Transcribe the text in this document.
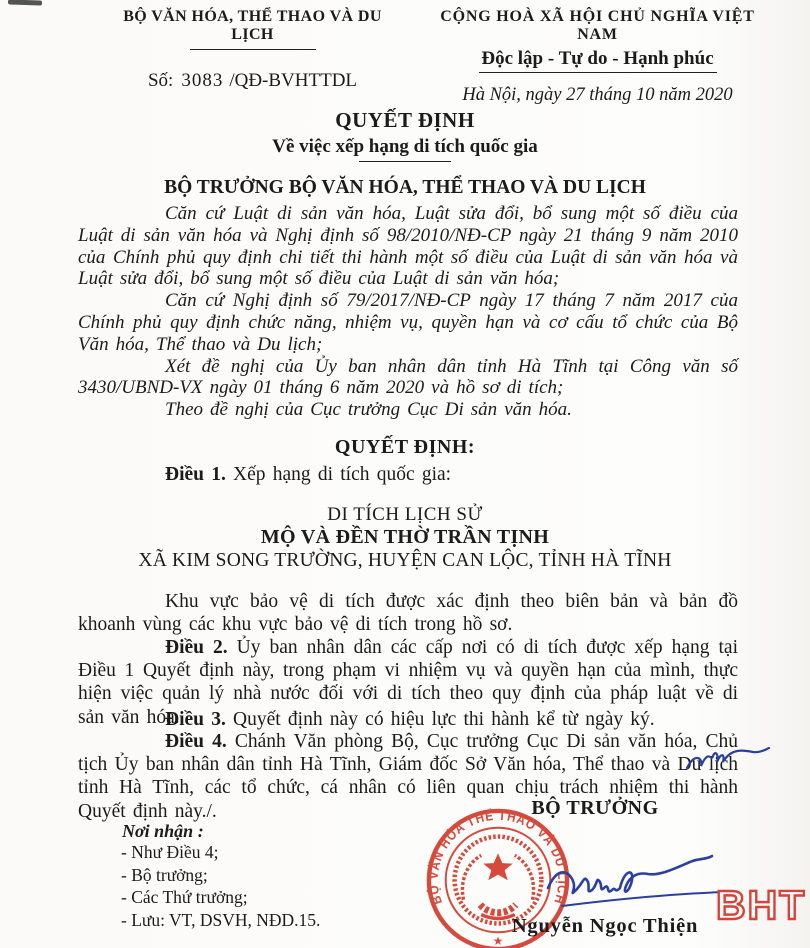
BỘ VĂN HÓA, THỂ THAO VÀ DU LỊCH
Số: 3083 /QĐ-BVHTTDL
CỘNG HOÀ XÃ HỘI CHỦ NGHĨA VIỆT NAM
Độc lập - Tự do - Hạnh phúc
Hà Nội, ngày 27 tháng 10 năm 2020
QUYẾT ĐỊNH
Về việc xếp hạng di tích quốc gia
BỘ TRƯỞNG BỘ VĂN HÓA, THỂ THAO VÀ DU LỊCH

Căn cứ Luật di sản văn hóa, Luật sửa đổi, bổ sung một số điều của Luật di sản văn hóa và Nghị định số 98/2010/NĐ-CP ngày 21 tháng 9 năm 2010 của Chính phủ quy định chi tiết thi hành một số điều của Luật di sản văn hóa và Luật sửa đổi, bổ sung một số điều của Luật di sản văn hóa;

Căn cứ Nghị định số 79/2017/NĐ-CP ngày 17 tháng 7 năm 2017 của Chính phủ quy định chức năng, nhiệm vụ, quyền hạn và cơ cấu tổ chức của Bộ Văn hóa, Thể thao và Du lịch;

Xét đề nghị của Ủy ban nhân dân tỉnh Hà Tĩnh tại Công văn số 3430/UBND-VX ngày 01 tháng 6 năm 2020 và hồ sơ di tích;

Theo đề nghị của Cục trưởng Cục Di sản văn hóa.

QUYẾT ĐỊNH:
Điều 1. Xếp hạng di tích quốc gia:
DI TÍCH LỊCH SỬ
MỘ VÀ ĐỀN THỜ TRẦN TỊNH
XÃ KIM SONG TRƯỜNG, HUYỆN CAN LỘC, TỈNH HÀ TĨNH

Khu vực bảo vệ di tích được xác định theo biên bản và bản đồ khoanh vùng các khu vực bảo vệ di tích trong hồ sơ.

Điều 2. Ủy ban nhân dân các cấp nơi có di tích được xếp hạng tại Điều 1 Quyết định này, trong phạm vi nhiệm vụ và quyền hạn của mình, thực hiện việc quản lý nhà nước đối với di tích theo quy định của pháp luật về di sản văn hóa.

Điều 3. Quyết định này có hiệu lực thi hành kể từ ngày ký.

Điều 4. Chánh Văn phòng Bộ, Cục trưởng Cục Di sản văn hóa, Chủ tịch Ủy ban nhân dân tỉnh Hà Tĩnh, Giám đốc Sở Văn hóa, Thể thao và Du lịch tỉnh Hà Tĩnh, các tổ chức, cá nhân có liên quan chịu trách nhiệm thi hành Quyết định này./.	BỘ TRƯỞNG
Nơi nhận :
- Như Điều 4;
- Bộ trưởng;
- Các Thứ trưởng;
- Lưu: VT, DSVH, NĐD.15.
BỘ VĂN HÓA THỂ THAO VÀ DU LỊCH
★
Nguyễn Ngọc Thiện BHT
